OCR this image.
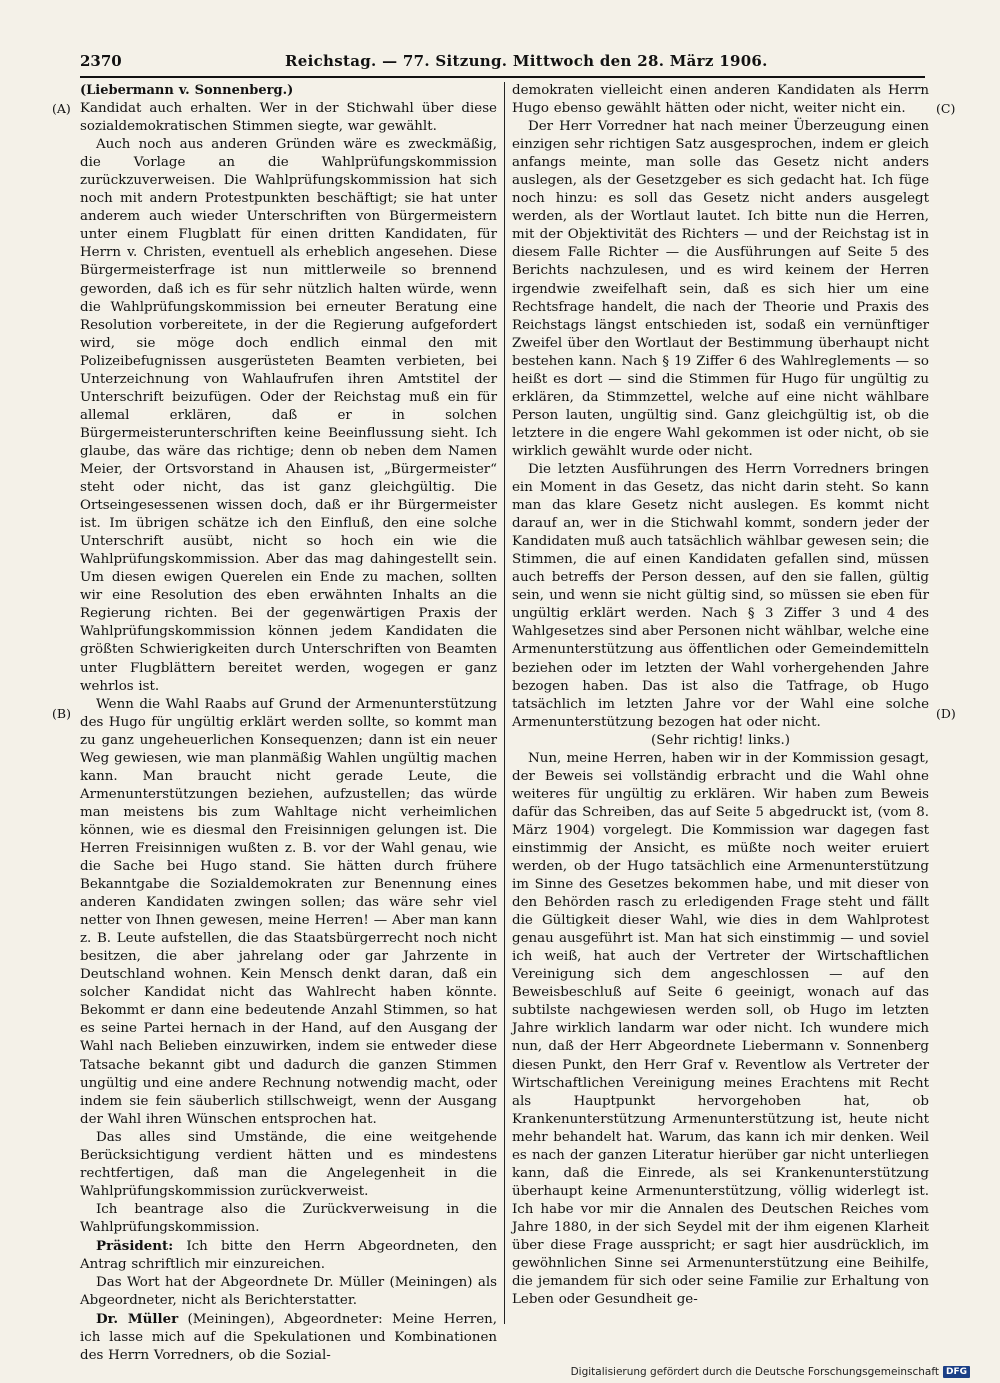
2370	Reichstag. — 77. Sitzung. Mittwoch den 28. März 1906.
(A)
(B)
(C)
(D)

(Liebermann v. Sonnenberg.)

Kandidat auch erhalten. Wer in der Stichwahl über diese sozialdemokratischen Stimmen siegte, war gewählt.

Auch noch aus anderen Gründen wäre es zweckmäßig, die Vorlage an die Wahlprüfungskommission zurückzuverweisen. Die Wahlprüfungskommission hat sich noch mit andern Protestpunkten beschäftigt; sie hat unter anderem auch wieder Unterschriften von Bürgermeistern unter einem Flugblatt für einen dritten Kandidaten, für Herrn v. Christen, eventuell als erheblich angesehen. Diese Bürgermeisterfrage ist nun mittlerweile so brennend geworden, daß ich es für sehr nützlich halten würde, wenn die Wahlprüfungskommission bei erneuter Beratung eine Resolution vorbereitete, in der die Regierung aufgefordert wird, sie möge doch endlich einmal den mit Polizeibefugnissen ausgerüsteten Beamten verbieten, bei Unterzeichnung von Wahlaufrufen ihren Amtstitel der Unterschrift beizufügen. Oder der Reichstag muß ein für allemal erklären, daß er in solchen Bürgermeisterunterschriften keine Beeinflussung sieht. Ich glaube, das wäre das richtige; denn ob neben dem Namen Meier, der Ortsvorstand in Ahausen ist, „Bürgermeister“ steht oder nicht, das ist ganz gleichgültig. Die Ortseingesessenen wissen doch, daß er ihr Bürgermeister ist. Im übrigen schätze ich den Einfluß, den eine solche Unterschrift ausübt, nicht so hoch ein wie die Wahlprüfungskommission. Aber das mag dahingestellt sein. Um diesen ewigen Querelen ein Ende zu machen, sollten wir eine Resolution des eben erwähnten Inhalts an die Regierung richten. Bei der gegenwärtigen Praxis der Wahlprüfungskommission können jedem Kandidaten die größten Schwierigkeiten durch Unterschriften von Beamten unter Flugblättern bereitet werden, wogegen er ganz wehrlos ist.

Wenn die Wahl Raabs auf Grund der Armenunterstützung des Hugo für ungültig erklärt werden sollte, so kommt man zu ganz ungeheuerlichen Konsequenzen; dann ist ein neuer Weg gewiesen, wie man planmäßig Wahlen ungültig machen kann. Man braucht nicht gerade Leute, die Armenunterstützungen beziehen, aufzustellen; das würde man meistens bis zum Wahltage nicht verheimlichen können, wie es diesmal den Freisinnigen gelungen ist. Die Herren Freisinnigen wußten z. B. vor der Wahl genau, wie die Sache bei Hugo stand. Sie hätten durch frühere Bekanntgabe die Sozialdemokraten zur Benennung eines anderen Kandidaten zwingen sollen; das wäre sehr viel netter von Ihnen gewesen, meine Herren! — Aber man kann z. B. Leute aufstellen, die das Staatsbürgerrecht noch nicht besitzen, die aber jahrelang oder gar Jahrzente in Deutschland wohnen. Kein Mensch denkt daran, daß ein solcher Kandidat nicht das Wahlrecht haben könnte. Bekommt er dann eine bedeutende Anzahl Stimmen, so hat es seine Partei hernach in der Hand, auf den Ausgang der Wahl nach Belieben einzuwirken, indem sie entweder diese Tatsache bekannt gibt und dadurch die ganzen Stimmen ungültig und eine andere Rechnung notwendig macht, oder indem sie fein säuberlich stillschweigt, wenn der Ausgang der Wahl ihren Wünschen entsprochen hat.

Das alles sind Umstände, die eine weitgehende Berücksichtigung verdient hätten und es mindestens rechtfertigen, daß man die Angelegenheit in die Wahlprüfungskommission zurückverweist.

Ich beantrage also die Zurückverweisung in die Wahlprüfungskommission.

Präsident: Ich bitte den Herrn Abgeordneten, den Antrag schriftlich mir einzureichen.

Das Wort hat der Abgeordnete Dr. Müller (Meiningen) als Abgeordneter, nicht als Berichterstatter.

Dr. Müller (Meiningen), Abgeordneter: Meine Herren, ich lasse mich auf die Spekulationen und Kombinationen des Herrn Vorredners, ob die Sozial-

demokraten vielleicht einen anderen Kandidaten als Herrn Hugo ebenso gewählt hätten oder nicht, weiter nicht ein.

Der Herr Vorredner hat nach meiner Überzeugung einen einzigen sehr richtigen Satz ausgesprochen, indem er gleich anfangs meinte, man solle das Gesetz nicht anders auslegen, als der Gesetzgeber es sich gedacht hat. Ich füge noch hinzu: es soll das Gesetz nicht anders ausgelegt werden, als der Wortlaut lautet. Ich bitte nun die Herren, mit der Objektivität des Richters — und der Reichstag ist in diesem Falle Richter — die Ausführungen auf Seite 5 des Berichts nachzulesen, und es wird keinem der Herren irgendwie zweifelhaft sein, daß es sich hier um eine Rechtsfrage handelt, die nach der Theorie und Praxis des Reichstags längst entschieden ist, sodaß ein vernünftiger Zweifel über den Wortlaut der Bestimmung überhaupt nicht bestehen kann. Nach § 19 Ziffer 6 des Wahlreglements — so heißt es dort — sind die Stimmen für Hugo für ungültig zu erklären, da Stimmzettel, welche auf eine nicht wählbare Person lauten, ungültig sind. Ganz gleichgültig ist, ob die letztere in die engere Wahl gekommen ist oder nicht, ob sie wirklich gewählt wurde oder nicht.

Die letzten Ausführungen des Herrn Vorredners bringen ein Moment in das Gesetz, das nicht darin steht. So kann man das klare Gesetz nicht auslegen. Es kommt nicht darauf an, wer in die Stichwahl kommt, sondern jeder der Kandidaten muß auch tatsächlich wählbar gewesen sein; die Stimmen, die auf einen Kandidaten gefallen sind, müssen auch betreffs der Person dessen, auf den sie fallen, gültig sein, und wenn sie nicht gültig sind, so müssen sie eben für ungültig erklärt werden. Nach § 3 Ziffer 3 und 4 des Wahlgesetzes sind aber Personen nicht wählbar, welche eine Armenunterstützung aus öffentlichen oder Gemeindemitteln beziehen oder im letzten der Wahl vorhergehenden Jahre bezogen haben. Das ist also die Tatfrage, ob Hugo tatsächlich im letzten Jahre vor der Wahl eine solche Armenunterstützung bezogen hat oder nicht.

(Sehr richtig! links.)

Nun, meine Herren, haben wir in der Kommission gesagt, der Beweis sei vollständig erbracht und die Wahl ohne weiteres für ungültig zu erklären. Wir haben zum Beweis dafür das Schreiben, das auf Seite 5 abgedruckt ist, (vom 8. März 1904) vorgelegt. Die Kommission war dagegen fast einstimmig der Ansicht, es müßte noch weiter eruiert werden, ob der Hugo tatsächlich eine Armenunterstützung im Sinne des Gesetzes bekommen habe, und mit dieser von den Behörden rasch zu erledigenden Frage steht und fällt die Gültigkeit dieser Wahl, wie dies in dem Wahlprotest genau ausgeführt ist. Man hat sich einstimmig — und soviel ich weiß, hat auch der Vertreter der Wirtschaftlichen Vereinigung sich dem angeschlossen — auf den Beweisbeschluß auf Seite 6 geeinigt, wonach auf das subtilste nachgewiesen werden soll, ob Hugo im letzten Jahre wirklich landarm war oder nicht. Ich wundere mich nun, daß der Herr Abgeordnete Liebermann v. Sonnenberg diesen Punkt, den Herr Graf v. Reventlow als Vertreter der Wirtschaftlichen Vereinigung meines Erachtens mit Recht als Hauptpunkt hervorgehoben hat, ob Krankenunterstützung Armenunterstützung ist, heute nicht mehr behandelt hat. Warum, das kann ich mir denken. Weil es nach der ganzen Literatur hierüber gar nicht unterliegen kann, daß die Einrede, als sei Krankenunterstützung überhaupt keine Armenunterstützung, völlig widerlegt ist. Ich habe vor mir die Annalen des Deutschen Reiches vom Jahre 1880, in der sich Seydel mit der ihm eigenen Klarheit über diese Frage ausspricht; er sagt hier ausdrücklich, im gewöhnlichen Sinne sei Armenunterstützung eine Beihilfe, die jemandem für sich oder seine Familie zur Erhaltung von Leben oder Gesundheit ge-

Digitalisierung gefördert durch die Deutsche Forschungsgemeinschaft DFG
